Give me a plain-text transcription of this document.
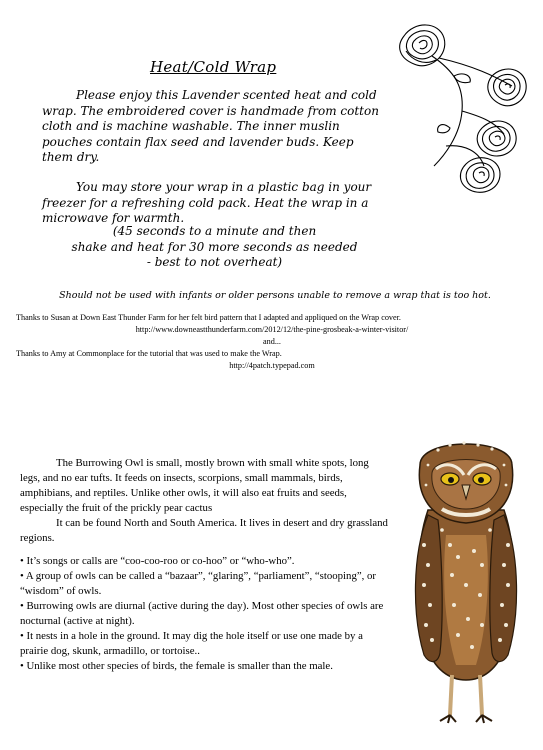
Heat/Cold Wrap

Please enjoy this Lavender scented heat and cold wrap. The embroidered cover is handmade from cotton cloth and is machine washable. The inner muslin pouches contain flax seed and lavender buds. Keep them dry.

You may store your wrap in a plastic bag in your freezer for a refreshing cold pack. Heat the wrap in a microwave for warmth.

(45 seconds to a minute and then
shake and heat for 30 more seconds as needed
- best to not overheat)

Should not be used with infants or older persons unable to remove a wrap that is too hot.

Thanks to Susan at Down East Thunder Farm for her felt bird pattern that I adapted and appliqued on the Wrap cover.
http://www.downeastthunderfarm.com/2012/12/the-pine-grosbeak-a-winter-visitor/
and...
Thanks to Amy at Commonplace for the tutorial that was used to make the Wrap.
http://4patch.typepad.com

The Burrowing Owl is small, mostly brown with small white spots, long legs, and no ear tufts. It feeds on insects, scorpions, small mammals, birds, amphibians, and reptiles. Unlike other owls, it will also eat fruits and seeds, especially the fruit of the prickly pear cactus

It can be found North and South America. It lives in desert and dry grassland regions.

• It’s songs or calls are “coo-coo-roo or co-hoo” or “who-who”.
• A group of owls can be called a “bazaar”, “glaring”, “parliament”, “stooping”, or “wisdom” of owls.
• Burrowing owls are diurnal (active during the day). Most other species of owls are nocturnal (active at night).
• It nests in a hole in the ground. It may dig the hole itself or use one made by a prairie dog, skunk, armadillo, or tortoise..
• Unlike most other species of birds, the female is smaller than the male.
